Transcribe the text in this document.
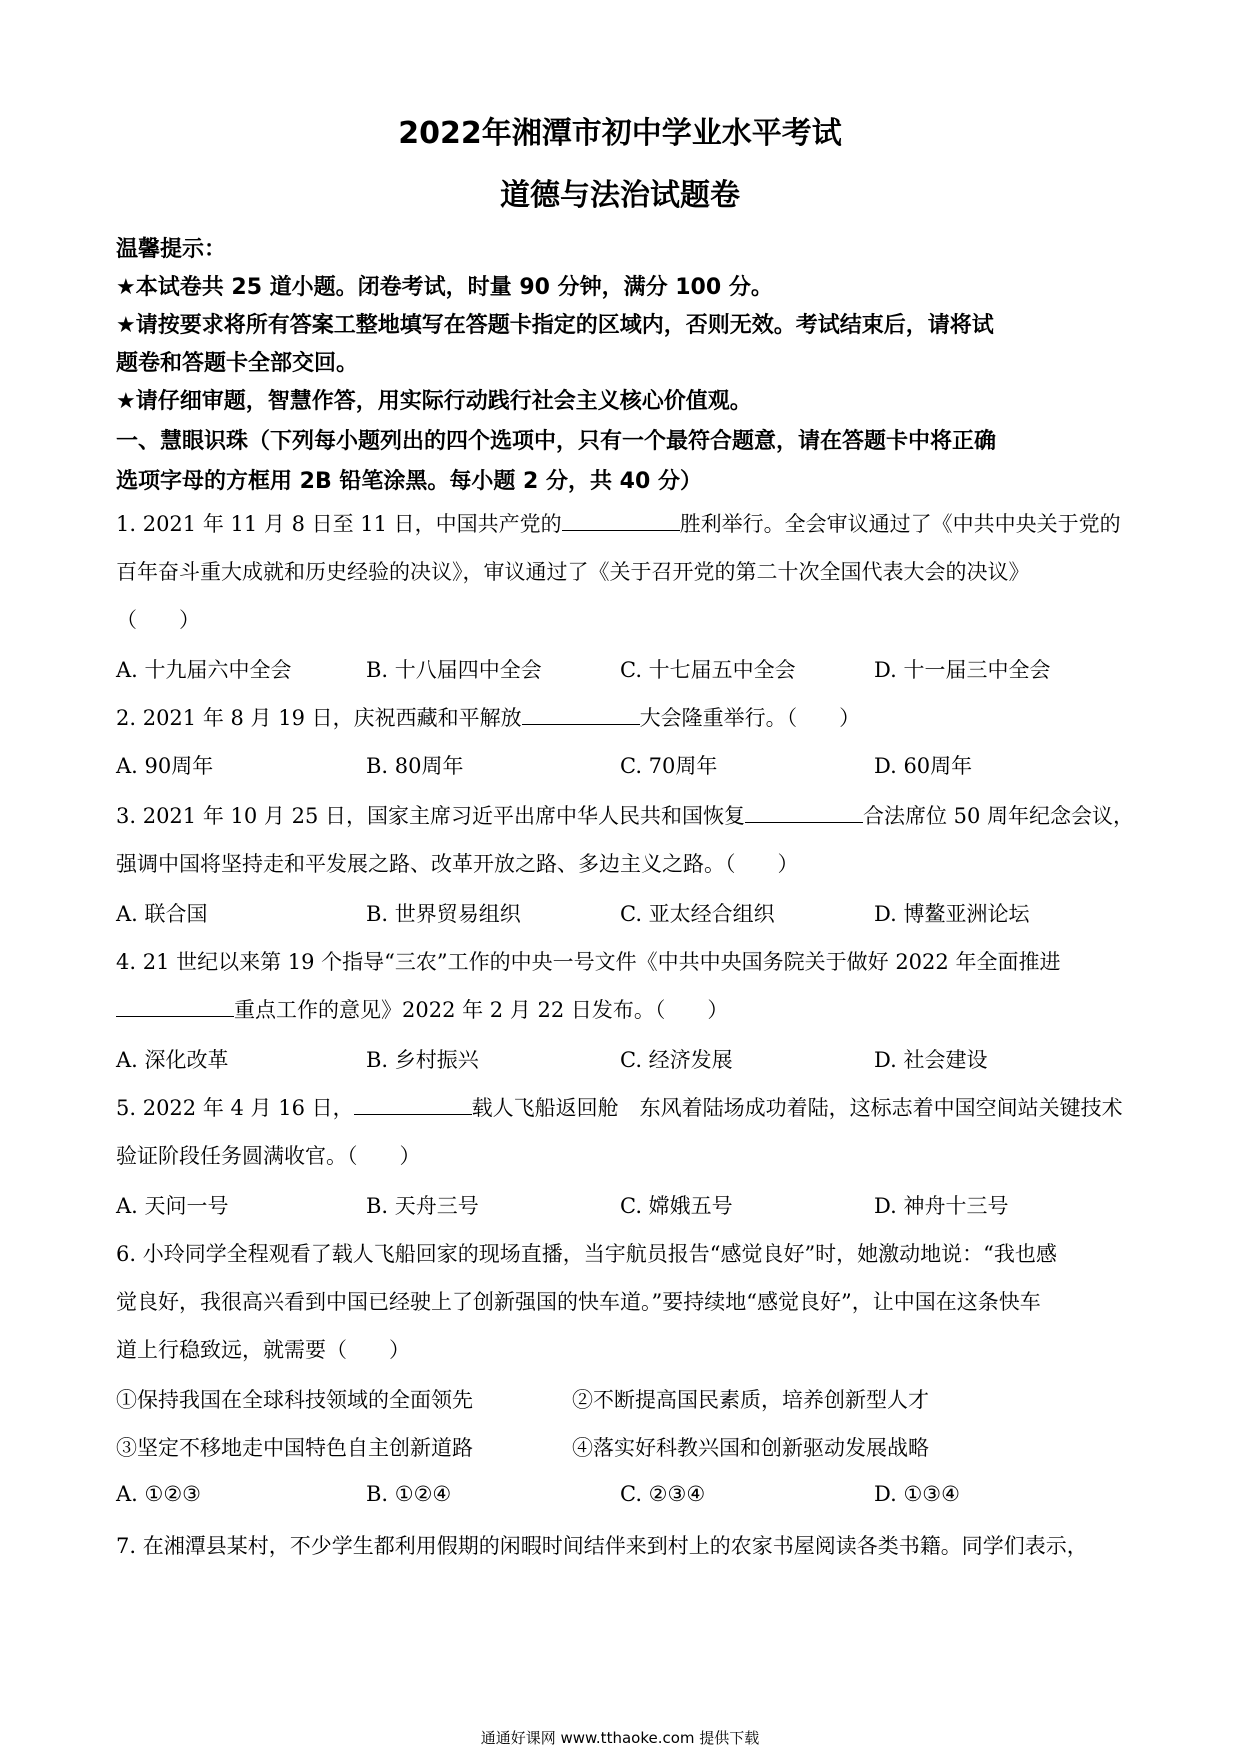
2022年湘潭市初中学业水平考试
道德与法治试题卷
温馨提示：
★本试卷共 25 道小题。闭卷考试，时量 90 分钟，满分 100 分。
★请按要求将所有答案工整地填写在答题卡指定的区域内，否则无效。考试结束后，请将试
题卷和答题卡全部交回。
★请仔细审题，智慧作答，用实际行动践行社会主义核心价值观。
一、慧眼识珠（下列每小题列出的四个选项中，只有一个最符合题意，请在答题卡中将正确
选项字母的方框用 2B 铅笔涂黑。每小题 2 分，共 40 分）
1. 2021 年 11 月 8 日至 11 日，中国共产党的	胜利举行。全会审议通过了《中共中央关于党的
百年奋斗重大成就和历史经验的决议》，审议通过了《关于召开党的第二十次全国代表大会的决议》
（　　）
A. 十九届六中全会	B. 十八届四中全会	C. 十七届五中全会	D. 十一届三中全会
2. 2021 年 8 月 19 日，庆祝西藏和平解放	大会隆重举行。（　　）
A. 90周年	B. 80周年	C. 70周年	D. 60周年
3. 2021 年 10 月 25 日，国家主席习近平出席中华人民共和国恢复	合法席位 50 周年纪念会议，
强调中国将坚持走和平发展之路、改革开放之路、多边主义之路。（　　）
A. 联合国	B. 世界贸易组织	C. 亚太经合组织	D. 博鳌亚洲论坛
4. 21 世纪以来第 19 个指导“三农”工作的中央一号文件《中共中央国务院关于做好 2022 年全面推进
重点工作的意见》2022 年 2 月 22 日发布。（　　）
A. 深化改革	B. 乡村振兴	C. 经济发展	D. 社会建设
5. 2022 年 4 月 16 日，	载人飞船返回舱　东风着陆场成功着陆，这标志着中国空间站关键技术
验证阶段任务圆满收官。（　　）
A. 天问一号	B. 天舟三号	C. 嫦娥五号	D. 神舟十三号
6. 小玲同学全程观看了载人飞船回家的现场直播，当宇航员报告“感觉良好”时，她激动地说：“我也感
觉良好，我很高兴看到中国已经驶上了创新强国的快车道。”要持续地“感觉良好”，让中国在这条快车
道上行稳致远，就需要（　　）
①保持我国在全球科技领域的全面领先	②不断提高国民素质，培养创新型人才
③坚定不移地走中国特色自主创新道路	④落实好科教兴国和创新驱动发展战略
A. ①②③	B. ①②④	C. ②③④	D. ①③④
7. 在湘潭县某村，不少学生都利用假期的闲暇时间结伴来到村上的农家书屋阅读各类书籍。同学们表示，
通通好课网 www.tthaoke.com 提供下载
